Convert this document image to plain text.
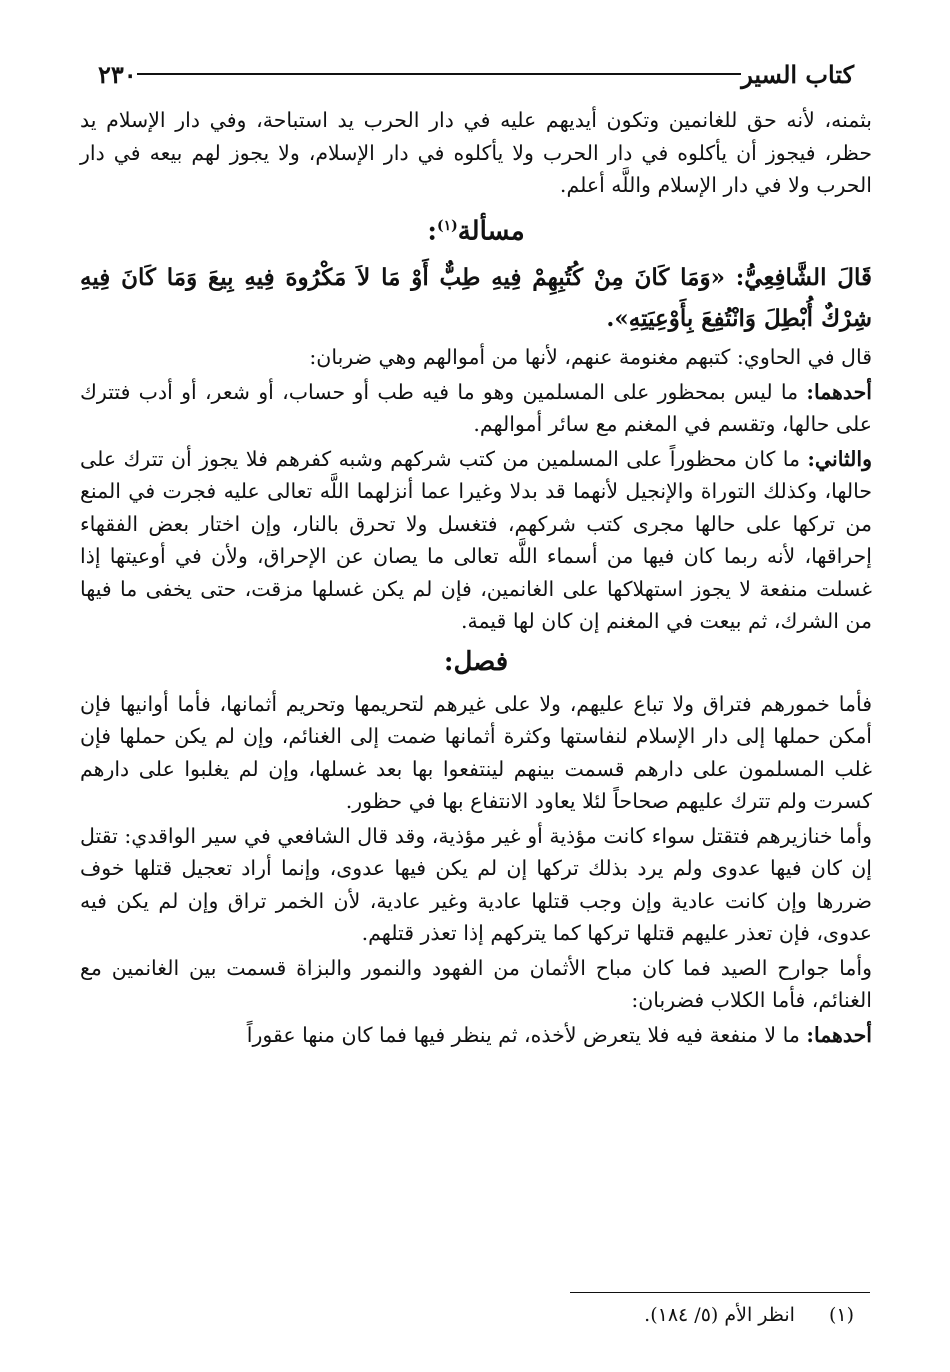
كتاب السير
٢٣٠

بثمنه، لأنه حق للغانمين وتكون أيديهم عليه في دار الحرب يد استباحة، وفي دار الإسلام يد حظر، فيجوز أن يأكلوه في دار الحرب ولا يأكلوه في دار الإسلام، ولا يجوز لهم بيعه في دار الحرب ولا في دار الإسلام واللَّه أعلم.

مسألة$^{(١)}$:

قَالَ الشَّافِعِيُّ: «وَمَا كَانَ مِنْ كُتُبِهِمْ فِيهِ طِبٌّ أَوْ مَا لاَ مَكْرُوهَ فِيهِ بِيعَ وَمَا كَانَ فِيهِ شِرْكٌ أُبْطِلَ وَانْتُفِعَ بِأَوْعِيَتِهِ».

قال في الحاوي: كتبهم مغنومة عنهم، لأنها من أموالهم وهي ضربان:

أحدهما: ما ليس بمحظور على المسلمين وهو ما فيه طب أو حساب، أو شعر، أو أدب فتترك على حالها، وتقسم في المغنم مع سائر أموالهم.

والثاني: ما كان محظوراً على المسلمين من كتب شركهم وشبه كفرهم فلا يجوز أن تترك على حالها، وكذلك التوراة والإنجيل لأنهما قد بدلا وغيرا عما أنزلهما اللَّه تعالى عليه فجرت في المنع من تركها على حالها مجرى كتب شركهم، فتغسل ولا تحرق بالنار، وإن اختار بعض الفقهاء إحراقها، لأنه ربما كان فيها من أسماء اللَّه تعالى ما يصان عن الإحراق، ولأن في أوعيتها إذا غسلت منفعة لا يجوز استهلاكها على الغانمين، فإن لم يكن غسلها مزقت، حتى يخفى ما فيها من الشرك، ثم بيعت في المغنم إن كان لها قيمة.

فصل:

فأما خمورهم فتراق ولا تباع عليهم، ولا على غيرهم لتحريمها وتحريم أثمانها، فأما أوانيها فإن أمكن حملها إلى دار الإسلام لنفاستها وكثرة أثمانها ضمت إلى الغنائم، وإن لم يكن حملها فإن غلب المسلمون على دارهم قسمت بينهم لينتفعوا بها بعد غسلها، وإن لم يغلبوا على دارهم كسرت ولم تترك عليهم صحاحاً لئلا يعاود الانتفاع بها في حظور.

وأما خنازيرهم فتقتل سواء كانت مؤذية أو غير مؤذية، وقد قال الشافعي في سير الواقدي: تقتل إن كان فيها عدوى ولم يرد بذلك تركها إن لم يكن فيها عدوى، وإنما أراد تعجيل قتلها خوف ضررها وإن كانت عادية وإن وجب قتلها عادية وغير عادية، لأن الخمر تراق وإن لم يكن فيه عدوى، فإن تعذر عليهم قتلها تركها كما يتركهم إذا تعذر قتلهم.

وأما جوارح الصيد فما كان مباح الأثمان من الفهود والنمور والبزاة قسمت بين الغانمين مع الغنائم، فأما الكلاب فضربان:

أحدهما: ما لا منفعة فيه فلا يتعرض لأخذه، ثم ينظر فيها فما كان منها عقوراً

(١)انظر الأم (٥/ ١٨٤).
